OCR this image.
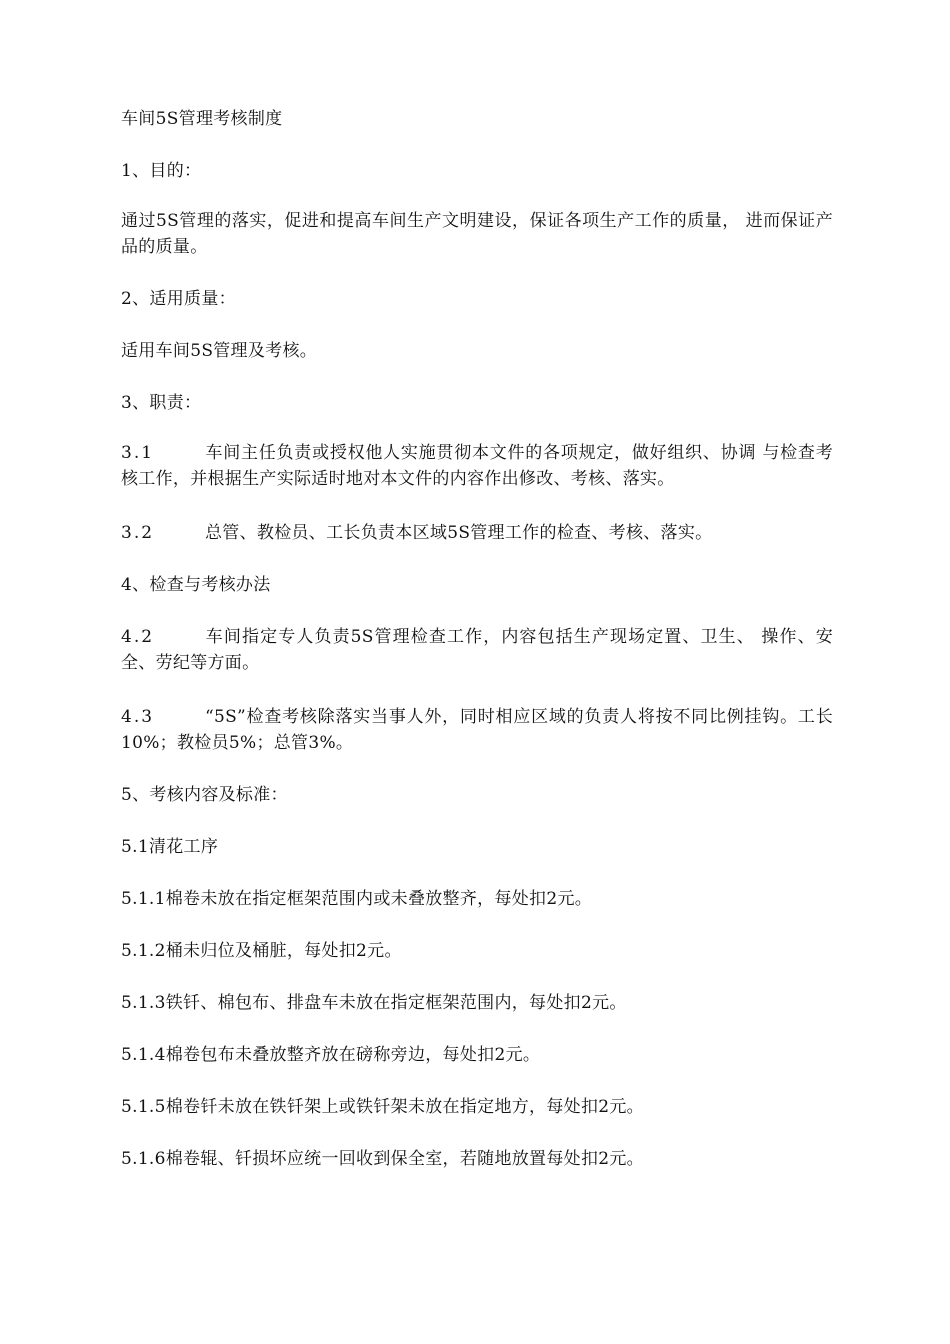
车间5S管理考核制度
1、目的：
通过5S管理的落实，促进和提高车间生产文明建设，保证各项生产工作的质量， 进而保证产品的质量。
2、适用质量：
适用车间5S管理及考核。
3、职责：
3.1	车间主任负责或授权他人实施贯彻本文件的各项规定，做好组织、协调 与检查考核工作，并根据生产实际适时地对本文件的内容作出修改、考核、落实。
3.2	总管、教检员、工长负责本区域5S管理工作的检查、考核、落实。
4、检查与考核办法
4.2	车间指定专人负责5S管理检查工作，内容包括生产现场定置、卫生、 操作、安全、劳纪等方面。
4.3	“5S”检查考核除落实当事人外，同时相应区域的负责人将按不同比例挂钩。工长10%；教检员5%；总管3%。
5、考核内容及标准：
5.1清花工序
5.1.1棉卷未放在指定框架范围内或未叠放整齐，每处扣2元。
5.1.2桶未归位及桶脏，每处扣2元。
5.1.3铁钎、棉包布、排盘车未放在指定框架范围内，每处扣2元。
5.1.4棉卷包布未叠放整齐放在磅称旁边，每处扣2元。
5.1.5棉卷钎未放在铁钎架上或铁钎架未放在指定地方，每处扣2元。
5.1.6棉卷辊、钎损坏应统一回收到保全室，若随地放置每处扣2元。
